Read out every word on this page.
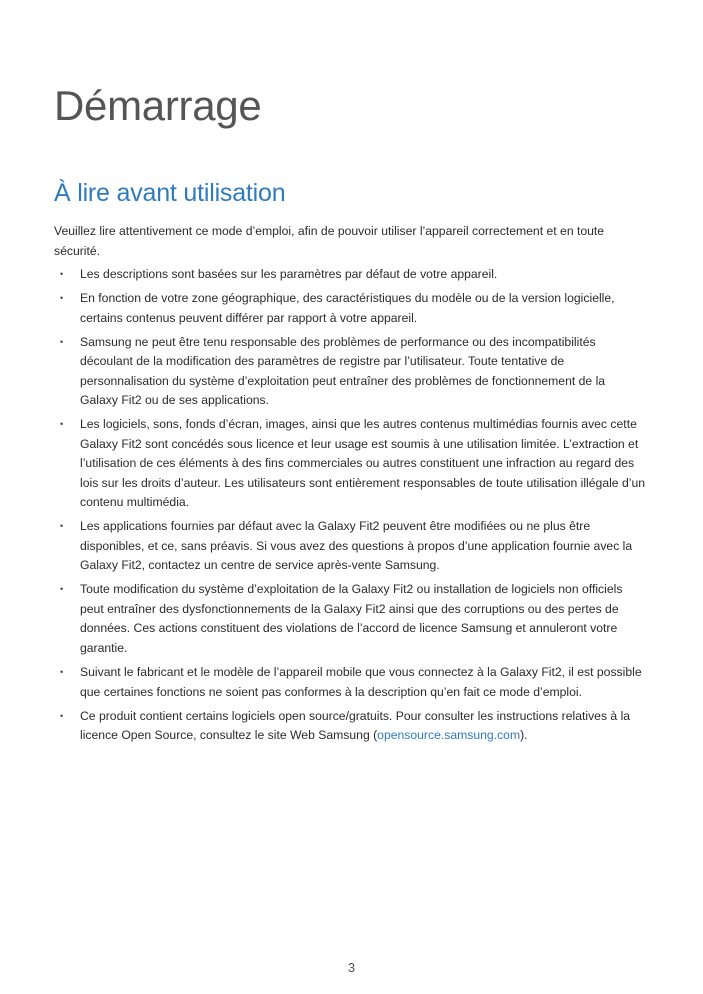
Démarrage
À lire avant utilisation

Veuillez lire attentivement ce mode d’emploi, afin de pouvoir utiliser l’appareil correctement et en toute sécurité.

• Les descriptions sont basées sur les paramètres par défaut de votre appareil.
• En fonction de votre zone géographique, des caractéristiques du modèle ou de la version logicielle, certains contenus peuvent différer par rapport à votre appareil.
• Samsung ne peut être tenu responsable des problèmes de performance ou des incompatibilités découlant de la modification des paramètres de registre par l’utilisateur. Toute tentative de personnalisation du système d’exploitation peut entraîner des problèmes de fonctionnement de la Galaxy Fit2 ou de ses applications.
• Les logiciels, sons, fonds d’écran, images, ainsi que les autres contenus multimédias fournis avec cette Galaxy Fit2 sont concédés sous licence et leur usage est soumis à une utilisation limitée. L’extraction et l’utilisation de ces éléments à des fins commerciales ou autres constituent une infraction au regard des lois sur les droits d’auteur. Les utilisateurs sont entièrement responsables de toute utilisation illégale d’un contenu multimédia.
• Les applications fournies par défaut avec la Galaxy Fit2 peuvent être modifiées ou ne plus être disponibles, et ce, sans préavis. Si vous avez des questions à propos d’une application fournie avec la Galaxy Fit2, contactez un centre de service après-vente Samsung.
• Toute modification du système d’exploitation de la Galaxy Fit2 ou installation de logiciels non officiels peut entraîner des dysfonctionnements de la Galaxy Fit2 ainsi que des corruptions ou des pertes de données. Ces actions constituent des violations de l’accord de licence Samsung et annuleront votre garantie.
• Suivant le fabricant et le modèle de l’appareil mobile que vous connectez à la Galaxy Fit2, il est possible que certaines fonctions ne soient pas conformes à la description qu’en fait ce mode d’emploi.
• Ce produit contient certains logiciels open source/gratuits. Pour consulter les instructions relatives à la licence Open Source, consultez le site Web Samsung (opensource.samsung.com).
3
